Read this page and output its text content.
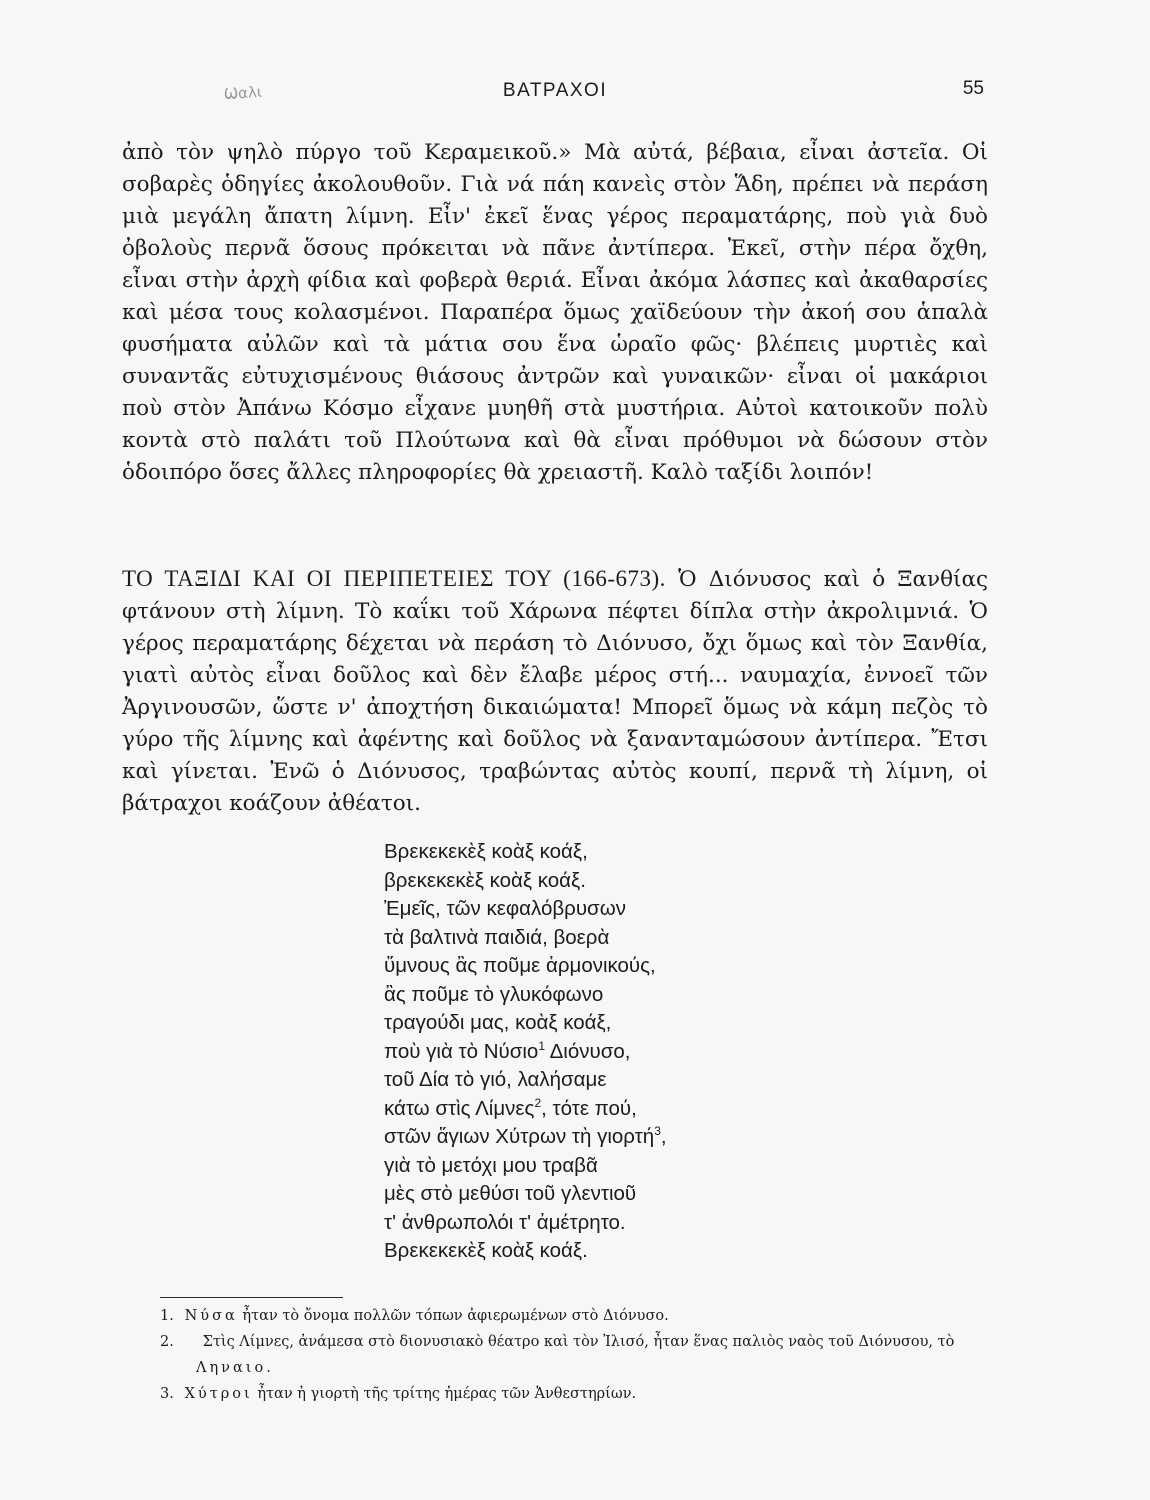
Ѡαλι	ΒΑΤΡΑΧΟΙ	55

ἀπὸ τὸν ψηλὸ πύργο τοῦ Κεραμεικοῦ.» Μὰ αὐτά, βέβαια, εἶναι ἀστεῖα. Οἱ σοβαρὲς ὁδηγίες ἀκολουθοῦν. Γιὰ νά πάη κανεὶς στὸν Ἅδη, πρέπει νὰ περάση μιὰ μεγάλη ἄπατη λίμνη. Εἶν' ἐκεῖ ἕνας γέρος περαματάρης, ποὺ γιὰ δυὸ ὀβολοὺς περνᾶ ὅσους πρόκειται νὰ πᾶνε ἀντίπερα. Ἐκεῖ, στὴν πέρα ὄχθη, εἶναι στὴν ἀρχὴ φίδια καὶ φοβερὰ θεριά. Εἶναι ἀκόμα λάσπες καὶ ἀκαθαρσίες καὶ μέσα τους κολασμένοι. Παραπέρα ὅμως χαϊδεύουν τὴν ἀκοή σου ἁπαλὰ φυσήματα αὐλῶν καὶ τὰ μάτια σου ἕνα ὡραῖο φῶς· βλέπεις μυρτιὲς καὶ συναντᾶς εὐτυχισμένους θιάσους ἀντρῶν καὶ γυναικῶν· εἶναι οἱ μακάριοι ποὺ στὸν Ἀπάνω Κόσμο εἶχανε μυηθῆ στὰ μυστήρια. Αὐτοὶ κατοικοῦν πολὺ κοντὰ στὸ παλάτι τοῦ Πλούτωνα καὶ θὰ εἶναι πρόθυμοι νὰ δώσουν στὸν ὁδοιπόρο ὅσες ἄλλες πληροφορίες θὰ χρειαστῆ. Καλὸ ταξίδι λοιπόν!

ΤΟ ΤΑΞΙΔΙ ΚΑΙ ΟΙ ΠΕΡΙΠΕΤΕΙΕΣ ΤΟΥ (166-673). Ὁ Διόνυσος καὶ ὁ Ξανθίας φτάνουν στὴ λίμνη. Τὸ καΐκι τοῦ Χάρωνα πέφτει δίπλα στὴν ἀκρολιμνιά. Ὁ γέρος περαματάρης δέχεται νὰ περάση τὸ Διόνυσο, ὄχι ὅμως καὶ τὸν Ξανθία, γιατὶ αὐτὸς εἶναι δοῦλος καὶ δὲν ἔλαβε μέρος στή... ναυμαχία, ἐννοεῖ τῶν Ἀργινουσῶν, ὥστε ν' ἀποχτήση δικαιώματα! Μπορεῖ ὅμως νὰ κάμη πεζὸς τὸ γύρο τῆς λίμνης καὶ ἀφέντης καὶ δοῦλος νὰ ξανανταμώσουν ἀντίπερα. Ἔτσι καὶ γίνεται. Ἐνῶ ὁ Διόνυσος, τραβώντας αὐτὸς κουπί, περνᾶ τὴ λίμνη, οἱ βάτραχοι κοάζουν ἀθέατοι.

Βρεκεκεκὲξ κοὰξ κοάξ,
βρεκεκεκὲξ κοὰξ κοάξ.
Ἐμεῖς, τῶν κεφαλόβρυσων
τὰ βαλτινὰ παιδιά, βοερὰ
ὕμνους ἂς ποῦμε ἁρμονικούς,
ἂς ποῦμε τὸ γλυκόφωνο
τραγούδι μας, κοὰξ κοάξ,
ποὺ γιὰ τὸ Νύσιο$^1$ Διόνυσο,
τοῦ Δία τὸ γιό, λαλήσαμε
κάτω στὶς Λίμνες$^2$, τότε πού,
στῶν ἅγιων Χύτρων τὴ γιορτή$^3$,
γιὰ τὸ μετόχι μου τραβᾶ
μὲς στὸ μεθύσι τοῦ γλεντιοῦ
τ' ἀνθρωπολόι τ' ἀμέτρητο.
Βρεκεκεκὲξ κοὰξ κοάξ.

1. Νύσα ἦταν τὸ ὄνομα πολλῶν τόπων ἀφιερωμένων στὸ Διόνυσο.

2. Στὶς Λίμνες, ἀνάμεσα στὸ διονυσιακὸ θέατρο καὶ τὸν Ἰλισό, ἦταν ἕνας παλιὸς ναὸς τοῦ Διόνυσου, τὸ Ληναιο.

3. Χύτροι ἦταν ἡ γιορτὴ τῆς τρίτης ἡμέρας τῶν Ἀνθεστηρίων.
